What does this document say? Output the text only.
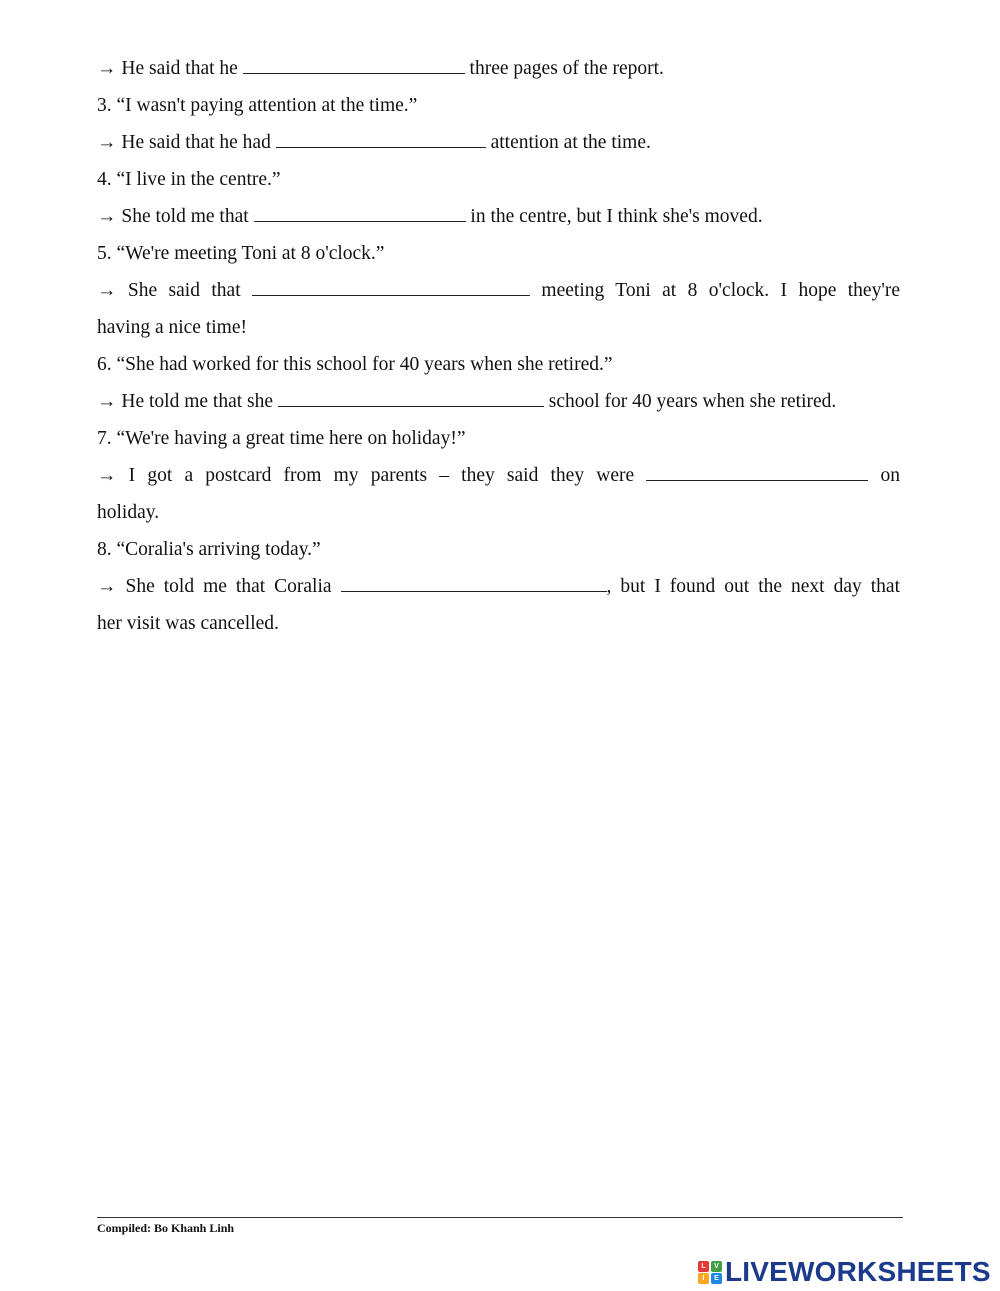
→ He said that he	three pages of the report.
3. “I wasn't paying attention at the time.”
→ He said that he had	attention at the time.
4. “I live in the centre.”
→ She told me that	in the centre, but I think she's moved.
5. “We're meeting Toni at 8 o'clock.”
→ She said that	meeting Toni at 8 o'clock. I hope they're
having a nice time!
6. “She had worked for this school for 40 years when she retired.”
→ He told me that she	school for 40 years when she retired.
7. “We're having a great time here on holiday!”
→ I got a postcard from my parents – they said they were	on
holiday.
8. “Coralia's arriving today.”
→ She told me that Coralia	, but I found out the next day that
her visit was cancelled.
Compiled: Bo Khanh Linh
L
I
V
E LIVEWORKSHEETS
